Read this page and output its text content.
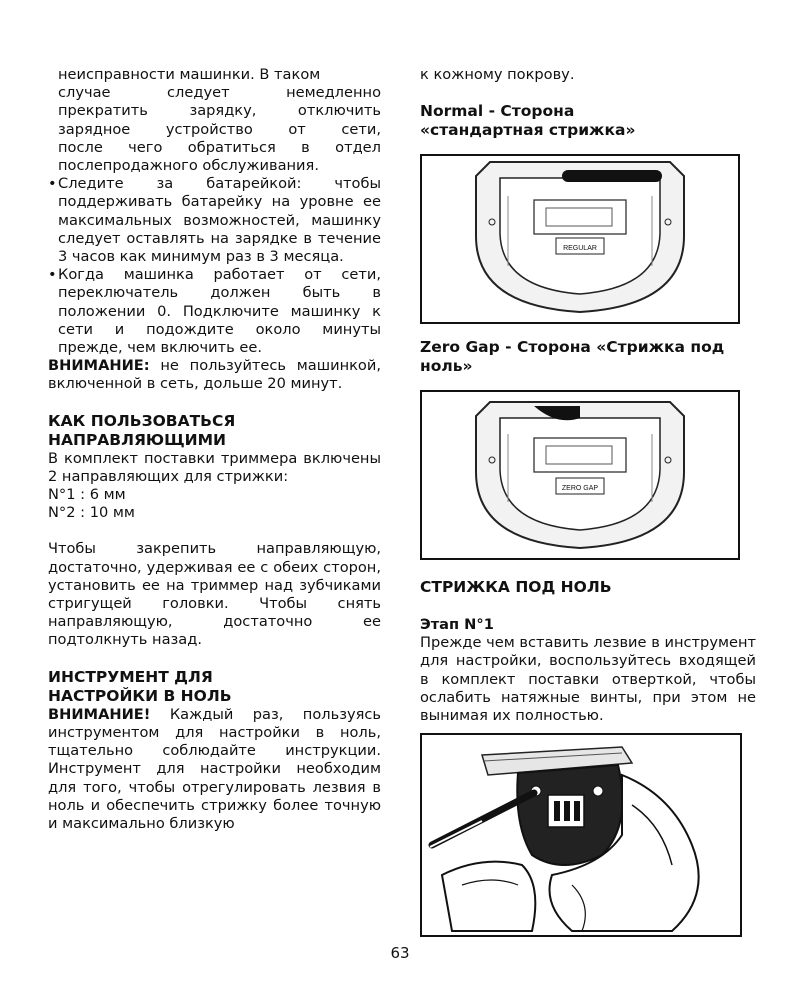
неисправности машинки. В таком
случае следует немедленно
прекратить зарядку, отключить
зарядное устройство от сети,
после чего обратиться в отдел
послепродажного обслуживания.

• Следите за батарейкой: чтобы поддерживать батарейку на уровне ее максимальных возможностей, машинку следует оставлять на зарядке в течение 3 часов как минимум раз в 3 месяца.

• Когда машинка работает от сети, переключатель должен быть в положении 0. Подключите машинку к сети и подождите около минуты прежде, чем включить ее.

ВНИМАНИЕ: не пользуйтесь машинкой, включенной в сеть, дольше 20 минут.

КАК ПОЛЬЗОВАТЬСЯ НАПРАВЛЯЮЩИМИ

В комплект поставки триммера включены 2 направляющих для стрижки:

N°1 : 6 мм

N°2 : 10 мм

Чтобы закрепить направляющую, достаточно, удерживая ее с обеих сторон, установить ее на триммер над зубчиками стригущей головки. Чтобы снять направляющую, достаточно ее подтолкнуть назад.

ИНСТРУМЕНТ ДЛЯ НАСТРОЙКИ В НОЛЬ

ВНИМАНИЕ! Каждый раз, пользуясь инструментом для настройки в ноль, тщательно соблюдайте инструкции. Инструмент для настройки необходим для того, чтобы отрегулировать лезвия в ноль и обеспечить стрижку более точную и максимально близкую

к кожному покрову.

Normal - Сторона «стандартная стрижка»

REGULAR

Zero Gap - Сторона «Стрижка под ноль»

ZERO GAP

СТРИЖКА ПОД НОЛЬ

Этап N°1

Прежде чем вставить лезвие в инструмент для настройки, воспользуйтесь входящей в комплект поставки отверткой, чтобы ослабить натяжные винты, при этом не вынимая их полностью.

63
